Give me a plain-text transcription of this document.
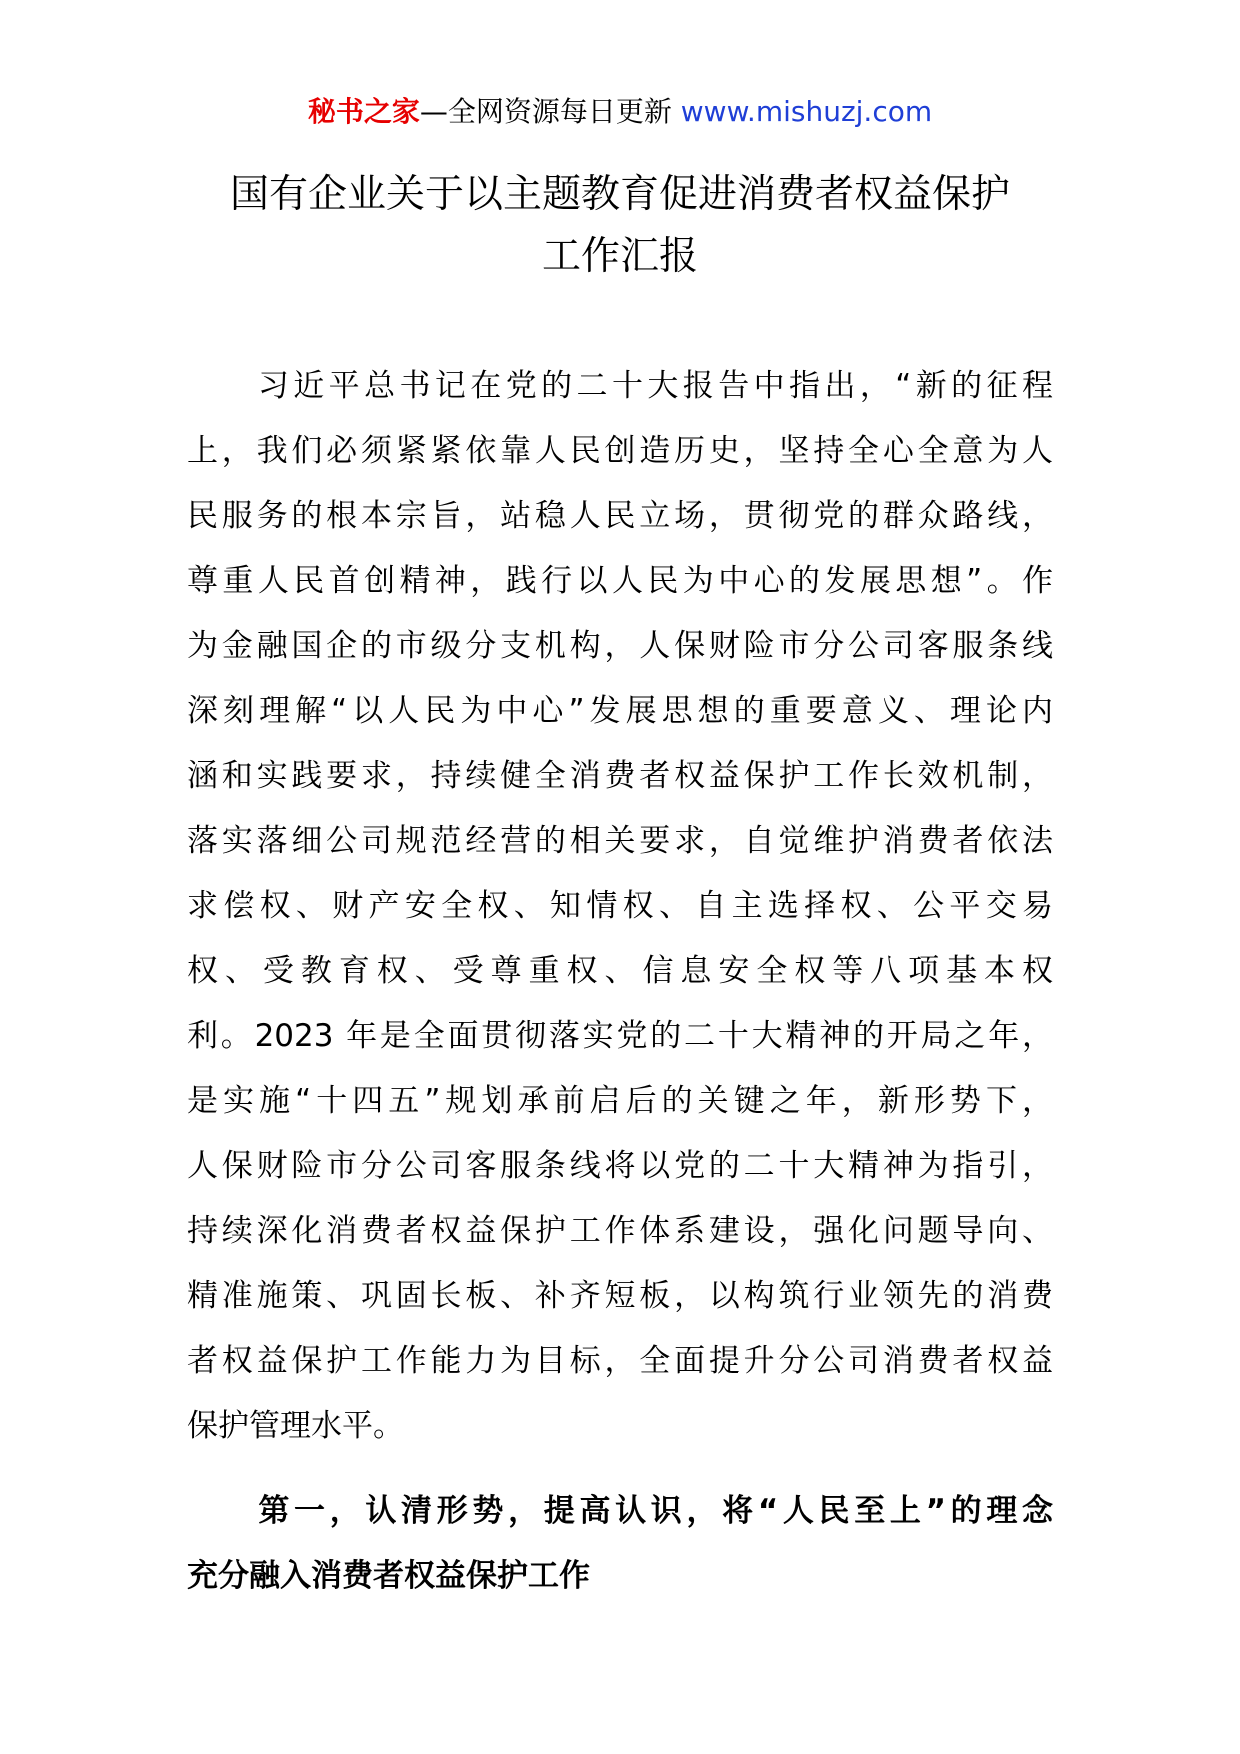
秘书之家—全网资源每日更新 www.mishuzj.com
国有企业关于以主题教育促进消费者权益保护
工作汇报

　　习近平总书记在党的二十大报告中指出，“新的征程
上，我们必须紧紧依靠人民创造历史，坚持全心全意为人
民服务的根本宗旨，站稳人民立场，贯彻党的群众路线，
尊重人民首创精神，践行以人民为中心的发展思想”。作
为金融国企的市级分支机构，人保财险市分公司客服条线
深刻理解“以人民为中心”发展思想的重要意义、理论内
涵和实践要求，持续健全消费者权益保护工作长效机制，
落实落细公司规范经营的相关要求，自觉维护消费者依法
求偿权、财产安全权、知情权、自主选择权、公平交易
权、受教育权、受尊重权、信息安全权等八项基本权
利。2023 年是全面贯彻落实党的二十大精神的开局之年，
是实施“十四五”规划承前启后的关键之年，新形势下，
人保财险市分公司客服条线将以党的二十大精神为指引，
持续深化消费者权益保护工作体系建设，强化问题导向、
精准施策、巩固长板、补齐短板，以构筑行业领先的消费
者权益保护工作能力为目标，全面提升分公司消费者权益
保护管理水平。

　　第一，认清形势，提高认识，将“人民至上”的理念
充分融入消费者权益保护工作
